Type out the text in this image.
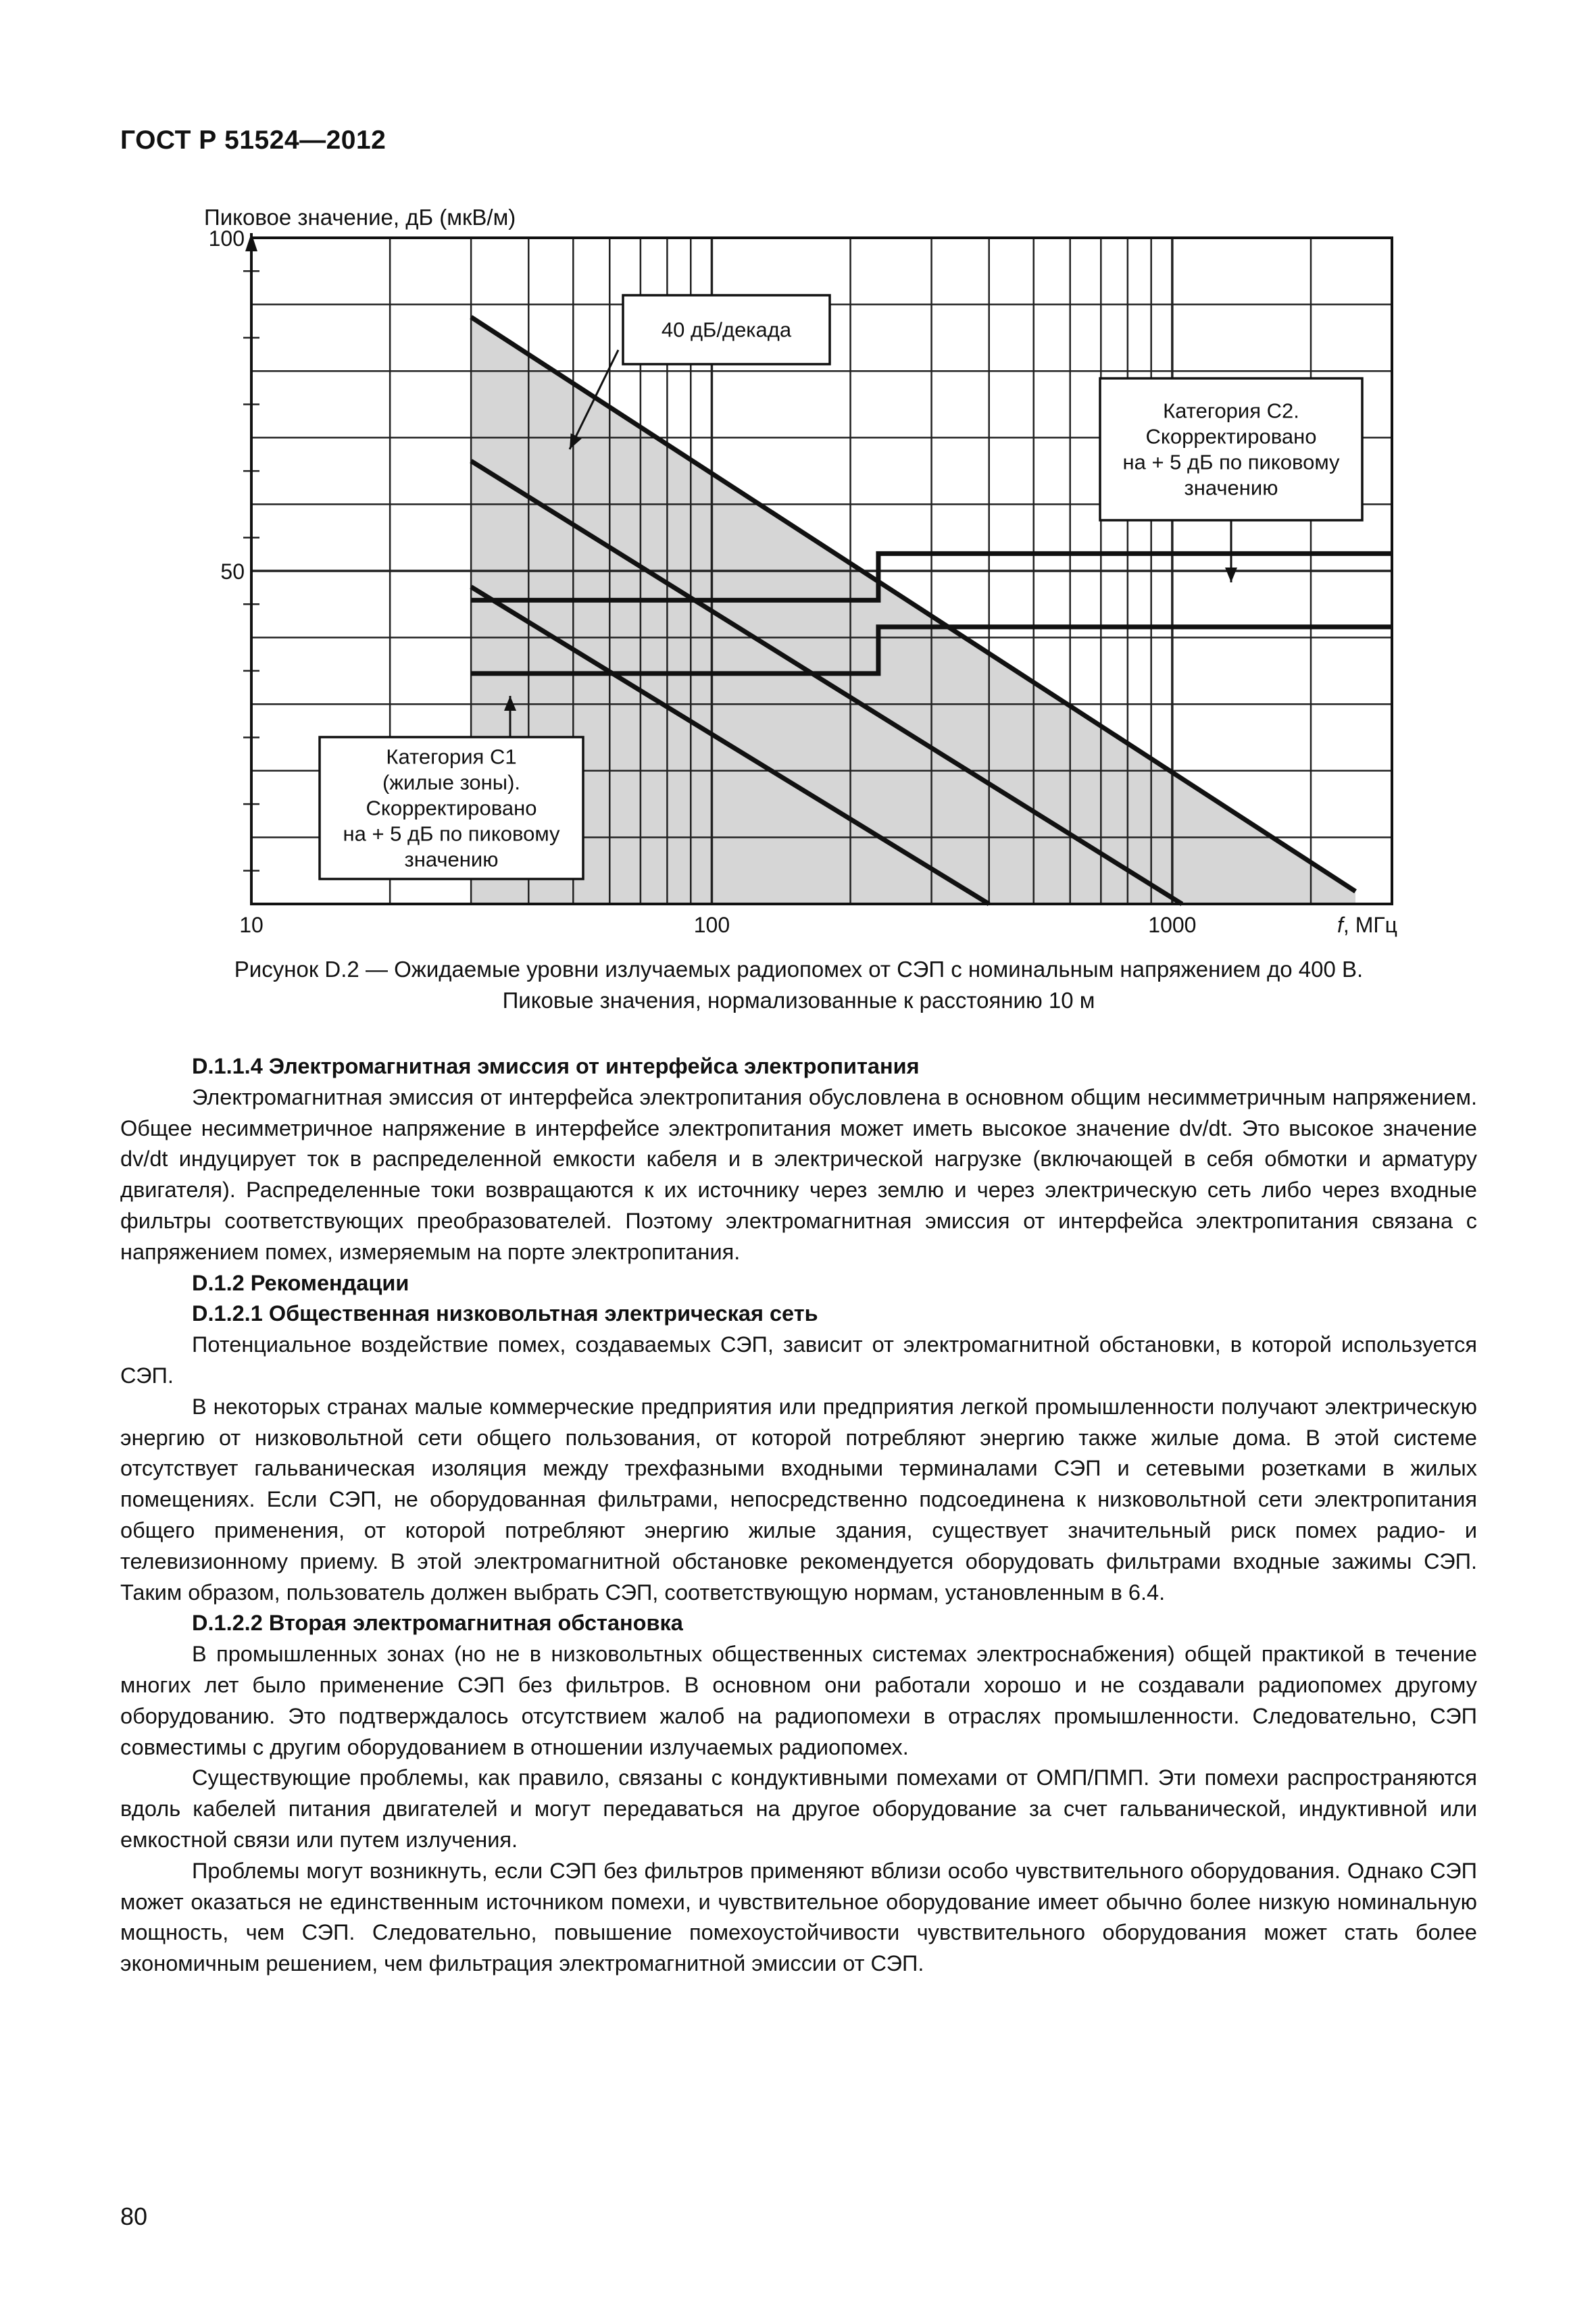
ГОСТ Р 51524—2012
100
50
10	100	1000	f, МГц
Пиковое значение, дБ (мкВ/м)
40 дБ/декада
Категория С2.
Скорректировано
на + 5 дБ по пиковому
значению
Категория С1
(жилые зоны).
Скорректировано
на + 5 дБ по пиковому
значению

Рисунок D.2 — Ожидаемые уровни излучаемых радиопомех от СЭП с номинальным напряжением до 400 В.

Пиковые значения, нормализованные к расстоянию 10 м

D.1.1.4 Электромагнитная эмиссия от интерфейса электропитания

Электромагнитная эмиссия от интерфейса электропитания обусловлена в основном общим несимметричным напряжением. Общее несимметричное напряжение в интерфейсе электропитания может иметь высокое значение dv/dt. Это высокое значение dv/dt индуцирует ток в распределенной емкости кабеля и в электрической нагрузке (включающей в себя обмотки и арматуру двигателя). Распределенные токи возвращаются к их источнику через землю и через электрическую сеть либо через входные фильтры соответствующих преобразователей. Поэтому электромагнитная эмиссия от интерфейса электропитания связана с напряжением помех, измеряемым на порте электропитания.

D.1.2 Рекомендации

D.1.2.1 Общественная низковольтная электрическая сеть

Потенциальное воздействие помех, создаваемых СЭП, зависит от электромагнитной обстановки, в которой используется СЭП.

В некоторых странах малые коммерческие предприятия или предприятия легкой промышленности получают электрическую энергию от низковольтной сети общего пользования, от которой потребляют энергию также жилые дома. В этой системе отсутствует гальваническая изоляция между трехфазными входными терминалами СЭП и сетевыми розетками в жилых помещениях. Если СЭП, не оборудованная фильтрами, непосредственно подсоединена к низковольтной сети электропитания общего применения, от которой потребляют энергию жилые здания, существует значительный риск помех радио- и телевизионному приему. В этой электромагнитной обстановке рекомендуется оборудовать фильтрами входные зажимы СЭП. Таким образом, пользователь должен выбрать СЭП, соответствующую нормам, установленным в 6.4.

D.1.2.2 Вторая электромагнитная обстановка

В промышленных зонах (но не в низковольтных общественных системах электроснабжения) общей практикой в течение многих лет было применение СЭП без фильтров. В основном они работали хорошо и не создавали радиопомех другому оборудованию. Это подтверждалось отсутствием жалоб на радиопомехи в отраслях промышленности. Следовательно, СЭП совместимы с другим оборудованием в отношении излучаемых радиопомех.

Существующие проблемы, как правило, связаны с кондуктивными помехами от ОМП/ПМП. Эти помехи распространяются вдоль кабелей питания двигателей и могут передаваться на другое оборудование за счет гальванической, индуктивной или емкостной связи или путем излучения.

Проблемы могут возникнуть, если СЭП без фильтров применяют вблизи особо чувствительного оборудования. Однако СЭП может оказаться не единственным источником помехи, и чувствительное оборудование имеет обычно более низкую номинальную мощность, чем СЭП. Следовательно, повышение помехоустойчивости чувствительного оборудования может стать более экономичным решением, чем фильтрация электромагнитной эмиссии от СЭП.

80
